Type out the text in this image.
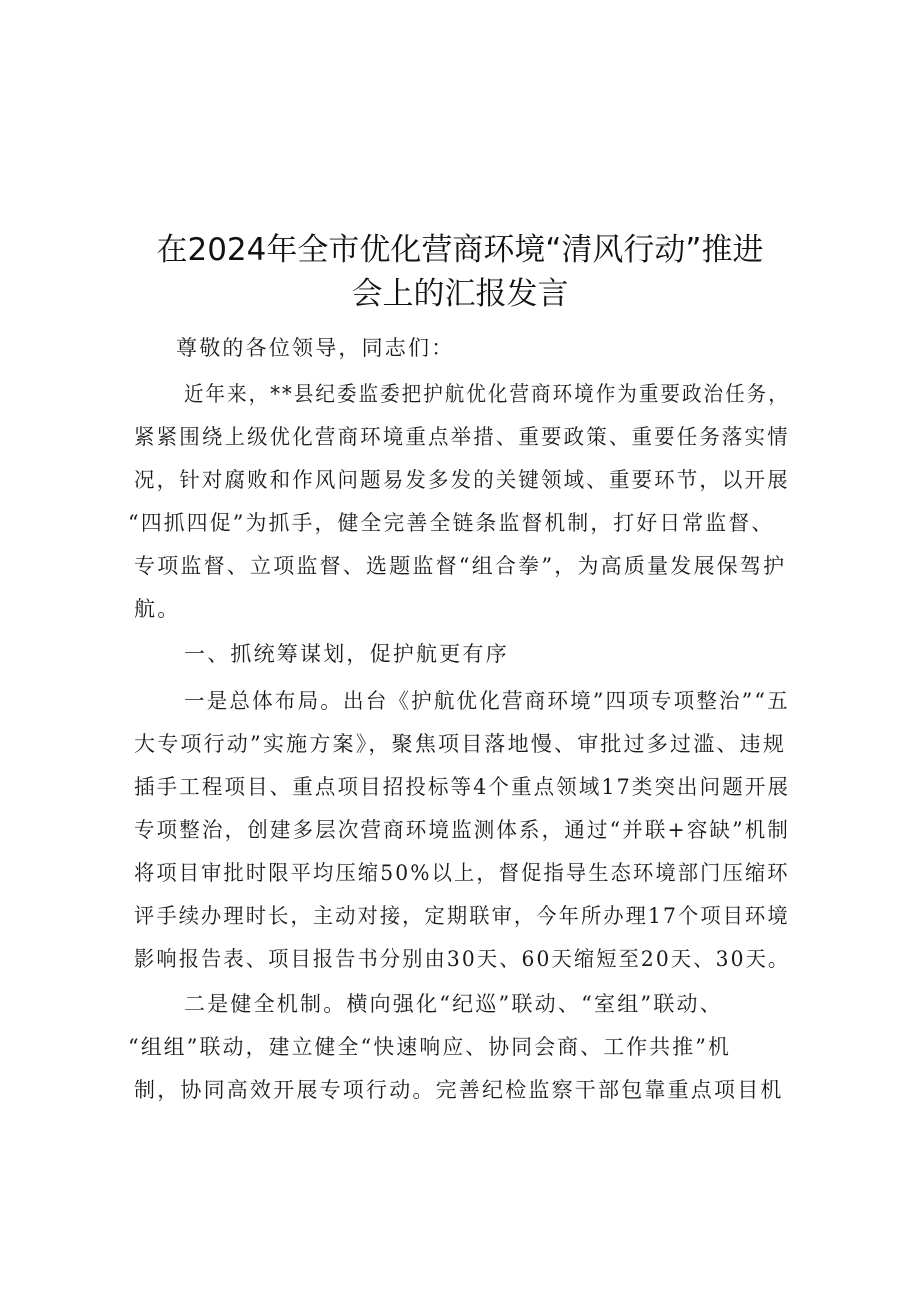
在2024年全市优化营商环境“清风行动”推进
会上的汇报发言
尊敬的各位领导，同志们：
近年来，**县纪委监委把护航优化营商环境作为重要政治任务，
紧紧围绕上级优化营商环境重点举措、重要政策、重要任务落实情
况，针对腐败和作风问题易发多发的关键领域、重要环节，以开展
“四抓四促”为抓手，健全完善全链条监督机制，打好日常监督、
专项监督、立项监督、选题监督“组合拳”，为高质量发展保驾护
航。
一、抓统筹谋划，促护航更有序
一是总体布局。出台《护航优化营商环境”四项专项整治”“五
大专项行动”实施方案》，聚焦项目落地慢、审批过多过滥、违规
插手工程项目、重点项目招投标等4个重点领域17类突出问题开展
专项整治，创建多层次营商环境监测体系，通过“并联+容缺”机制
将项目审批时限平均压缩50%以上，督促指导生态环境部门压缩环
评手续办理时长，主动对接，定期联审，今年所办理17个项目环境
影响报告表、项目报告书分别由30天、60天缩短至20天、30天。
二是健全机制。横向强化“纪巡”联动、“室组”联动、
“组组”联动，建立健全“快速响应、协同会商、工作共推”机
制，协同高效开展专项行动。完善纪检监察干部包靠重点项目机
